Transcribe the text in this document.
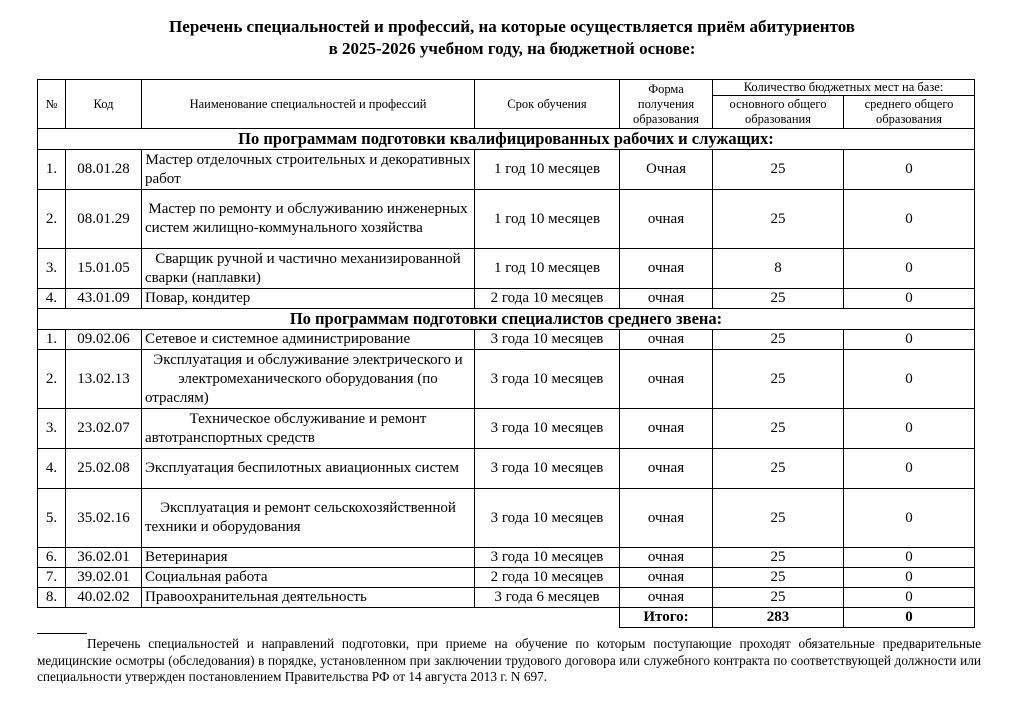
Перечень специальностей и профессий, на которые осуществляется приём абитуриентов
в 2025-2026 учебном году, на бюджетной основе:
№	Код	Наименование специальностей и профессий	Срок обучения	Форма получения образования	Количество бюджетных мест на базе:	
					основного общего образования	среднего общего образования
По программам подготовки квалифицированных рабочих и служащих:						
1.	08.01.28	Мастер отделочных строительных и декоративных работ	1 год 10 месяцев	Очная	25	0
2.	08.01.29	Мастер по ремонту и обслуживанию инженерных систем жилищно-коммунального хозяйства	1 год 10 месяцев	очная	25	0
3.	15.01.05	Сварщик ручной и частично механизированной сварки (наплавки)	1 год 10 месяцев	очная	8	0
4.	43.01.09	Повар, кондитер	2 года 10 месяцев	очная	25	0
По программам подготовки специалистов среднего звена:						
1.	09.02.06	Сетевое и системное администрирование	3 года 10 месяцев	очная	25	0
2.	13.02.13	Эксплуатация и обслуживание электрического и электромеханического оборудования (по отраслям)	3 года 10 месяцев	очная	25	0
3.	23.02.07	Техническое обслуживание и ремонт автотранспортных средств	3 года 10 месяцев	очная	25	0
4.	25.02.08	Эксплуатация беспилотных авиационных систем	3 года 10 месяцев	очная	25	0
5.	35.02.16	Эксплуатация и ремонт сельскохозяйственной техники и оборудования	3 года 10 месяцев	очная	25	0
6.	36.02.01	Ветеринария	3 года 10 месяцев	очная	25	0
7.	39.02.01	Социальная работа	2 года 10 месяцев	очная	25	0
8.	40.02.02	Правоохранительная деятельность	3 года 6 месяцев	очная	25	0
				Итого:	283	0

Перечень специальностей и направлений подготовки, при приеме на обучение по которым поступающие проходят обязательные предварительные медицинские осмотры (обследования) в порядке, установленном при заключении трудового договора или служебного контракта по соответствующей должности или специальности утвержден постановлением Правительства РФ от 14 августа 2013 г. N 697.
